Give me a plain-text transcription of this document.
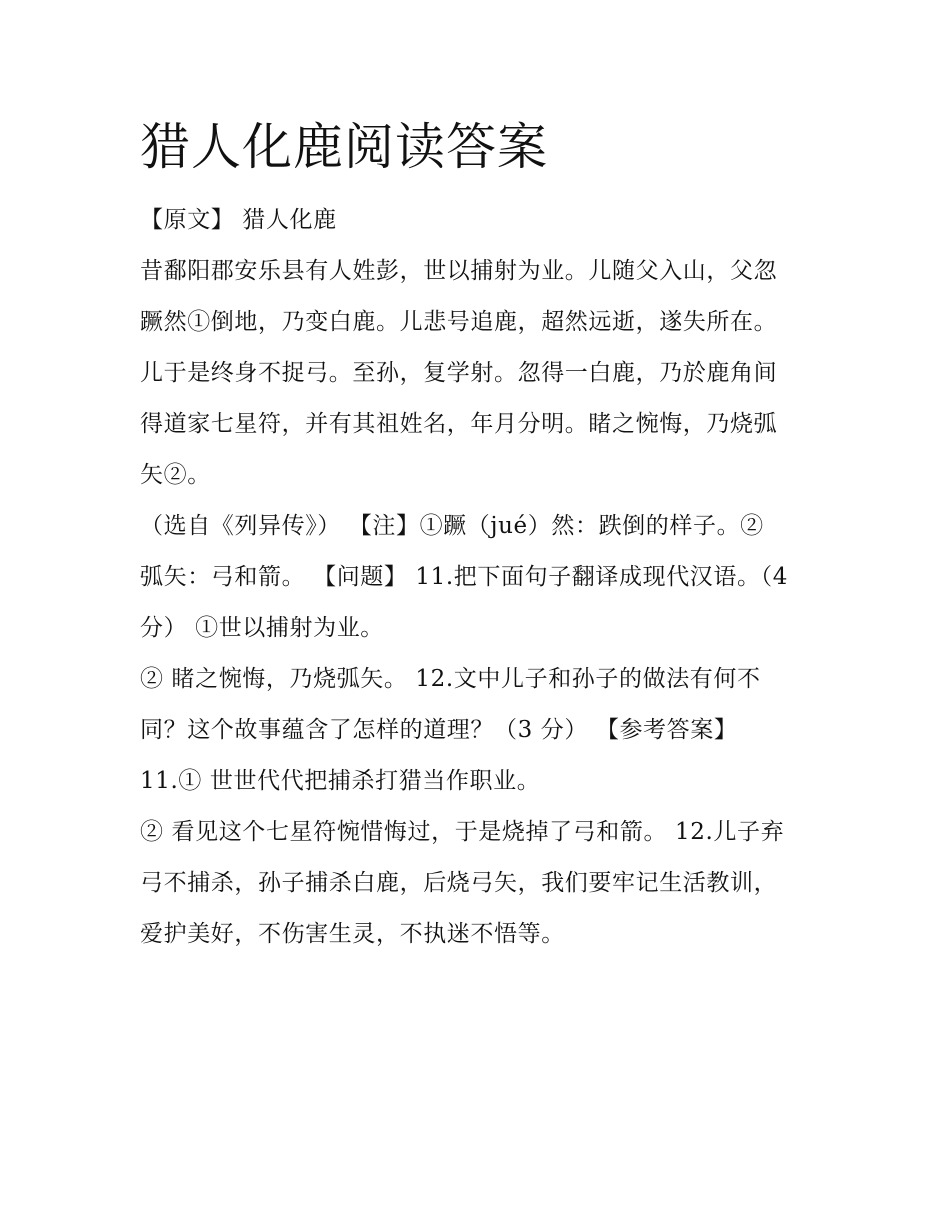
猎人化鹿阅读答案

【原文】 猎人化鹿

昔鄱阳郡安乐县有人姓彭，世以捕射为业。儿随父入山，父忽

蹶然①倒地，乃变白鹿。儿悲号追鹿，超然远逝，遂失所在。

儿于是终身不捉弓。至孙，复学射。忽得一白鹿，乃於鹿角间

得道家七星符，并有其祖姓名，年月分明。睹之惋悔，乃烧弧

矢②。

（选自《列异传》） 【注】①蹶（jué）然：跌倒的样子。②

弧矢：弓和箭。 【问题】 11.把下面句子翻译成现代汉语。（4

分） ①世以捕射为业。

② 睹之惋悔，乃烧弧矢。 12.文中儿子和孙子的做法有何不

同？这个故事蕴含了怎样的道理？（3 分） 【参考答案】

11.① 世世代代把捕杀打猎当作职业。

② 看见这个七星符惋惜悔过，于是烧掉了弓和箭。 12.儿子弃

弓不捕杀，孙子捕杀白鹿，后烧弓矢，我们要牢记生活教训，

爱护美好，不伤害生灵，不执迷不悟等。
